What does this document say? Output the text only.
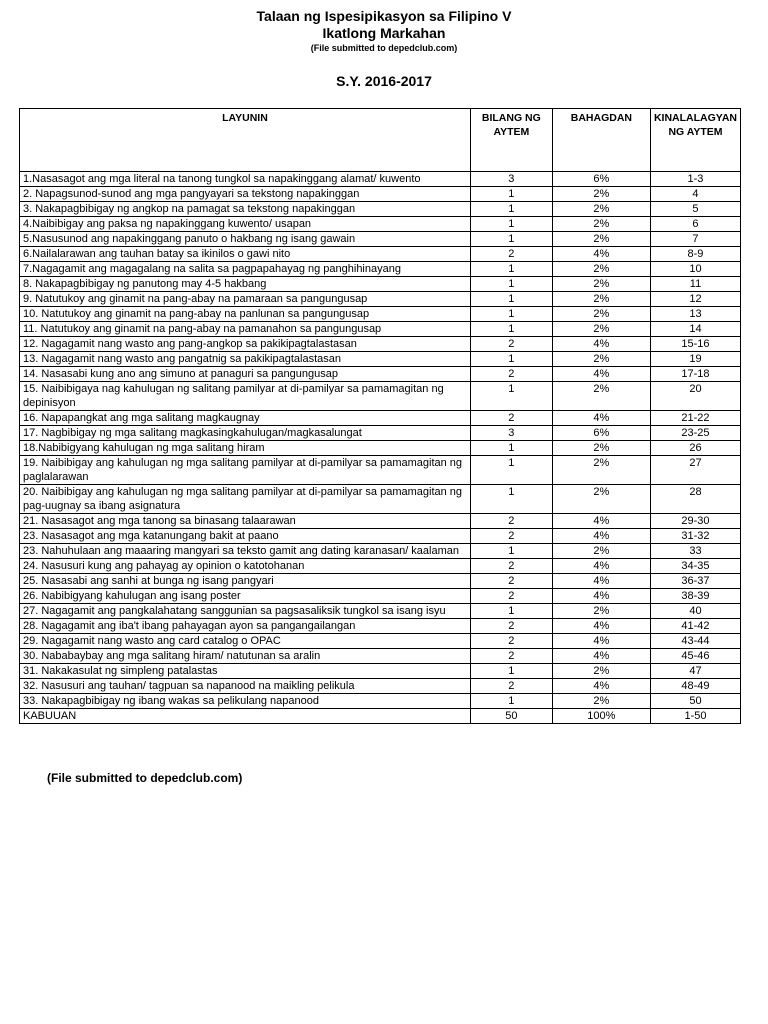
Talaan ng Ispesipikasyon sa Filipino V
Ikatlong Markahan
(File submitted to depedclub.com)
S.Y. 2016-2017
LAYUNIN	BILANG NG AYTEM	BAHAGDAN	KINALALAGYAN NG AYTEM
1.Nasasagot ang mga literal na tanong tungkol sa napakinggang alamat/ kuwento	3	6%	1-3
2. Napagsunod-sunod ang mga pangyayari sa tekstong napakinggan	1	2%	4
3. Nakapagbibigay ng angkop na pamagat sa tekstong napakinggan	1	2%	5
4.Naibibigay ang paksa ng napakinggang kuwento/ usapan	1	2%	6
5.Nasusunod ang napakinggang panuto o hakbang ng isang gawain	1	2%	7
6.Nailalarawan ang tauhan batay sa ikinilos o gawi nito	2	4%	8-9
7.Nagagamit ang magagalang na salita sa pagpapahayag ng panghihinayang	1	2%	10
8. Nakapagbibigay ng panutong may 4-5 hakbang	1	2%	11
9. Natutukoy ang ginamit na pang-abay na pamaraan sa pangungusap	1	2%	12
10. Natutukoy ang ginamit na pang-abay na panlunan sa pangungusap	1	2%	13
11. Natutukoy ang ginamit na pang-abay na pamanahon sa pangungusap	1	2%	14
12. Nagagamit nang wasto ang pang-angkop sa pakikipagtalastasan	2	4%	15-16
13. Nagagamit nang wasto ang pangatnig sa pakikipagtalastasan	1	2%	19
14. Nasasabi kung ano ang simuno at panaguri sa pangungusap	2	4%	17-18
15. Naibibigaya nag kahulugan ng salitang pamilyar at di-pamilyar sa pamamagitan ng depinisyon	1	2%	20
16. Napapangkat ang mga salitang magkaugnay	2	4%	21-22
17. Nagbibigay ng mga salitang magkasingkahulugan/magkasalungat	3	6%	23-25
18.Nabibigyang kahulugan ng mga salitang hiram	1	2%	26
19. Naibibigay ang kahulugan ng mga salitang pamilyar at di-pamilyar sa pamamagitan ng paglalarawan	1	2%	27
20. Naibibigay ang kahulugan ng mga salitang pamilyar at di-pamilyar sa pamamagitan ng pag-uugnay sa ibang asignatura	1	2%	28
21. Nasasagot ang mga tanong sa binasang talaarawan	2	4%	29-30
23. Nasasagot ang mga katanungang bakit at paano	2	4%	31-32
23. Nahuhulaan ang maaaring mangyari sa teksto gamit ang dating karanasan/ kaalaman	1	2%	33
24. Nasusuri kung ang pahayag ay opinion o katotohanan	2	4%	34-35
25. Nasasabi ang sanhi at bunga ng isang pangyari	2	4%	36-37
26. Nabibigyang kahulugan ang isang poster	2	4%	38-39
27. Nagagamit ang pangkalahatang sanggunian sa pagsasaliksik tungkol sa isang isyu	1	2%	40
28. Nagagamit ang iba't ibang pahayagan ayon sa pangangailangan	2	4%	41-42
29. Nagagamit nang wasto ang card catalog o OPAC	2	4%	43-44
30. Nababaybay ang mga salitang hiram/ natutunan sa aralin	2	4%	45-46
31. Nakakasulat ng simpleng patalastas	1	2%	47
32. Nasusuri ang tauhan/ tagpuan sa napanood na maikling pelikula	2	4%	48-49
33. Nakapagbibigay ng ibang wakas sa pelikulang napanood	1	2%	50
KABUUAN	50	100%	1-50
(File submitted to depedclub.com)
